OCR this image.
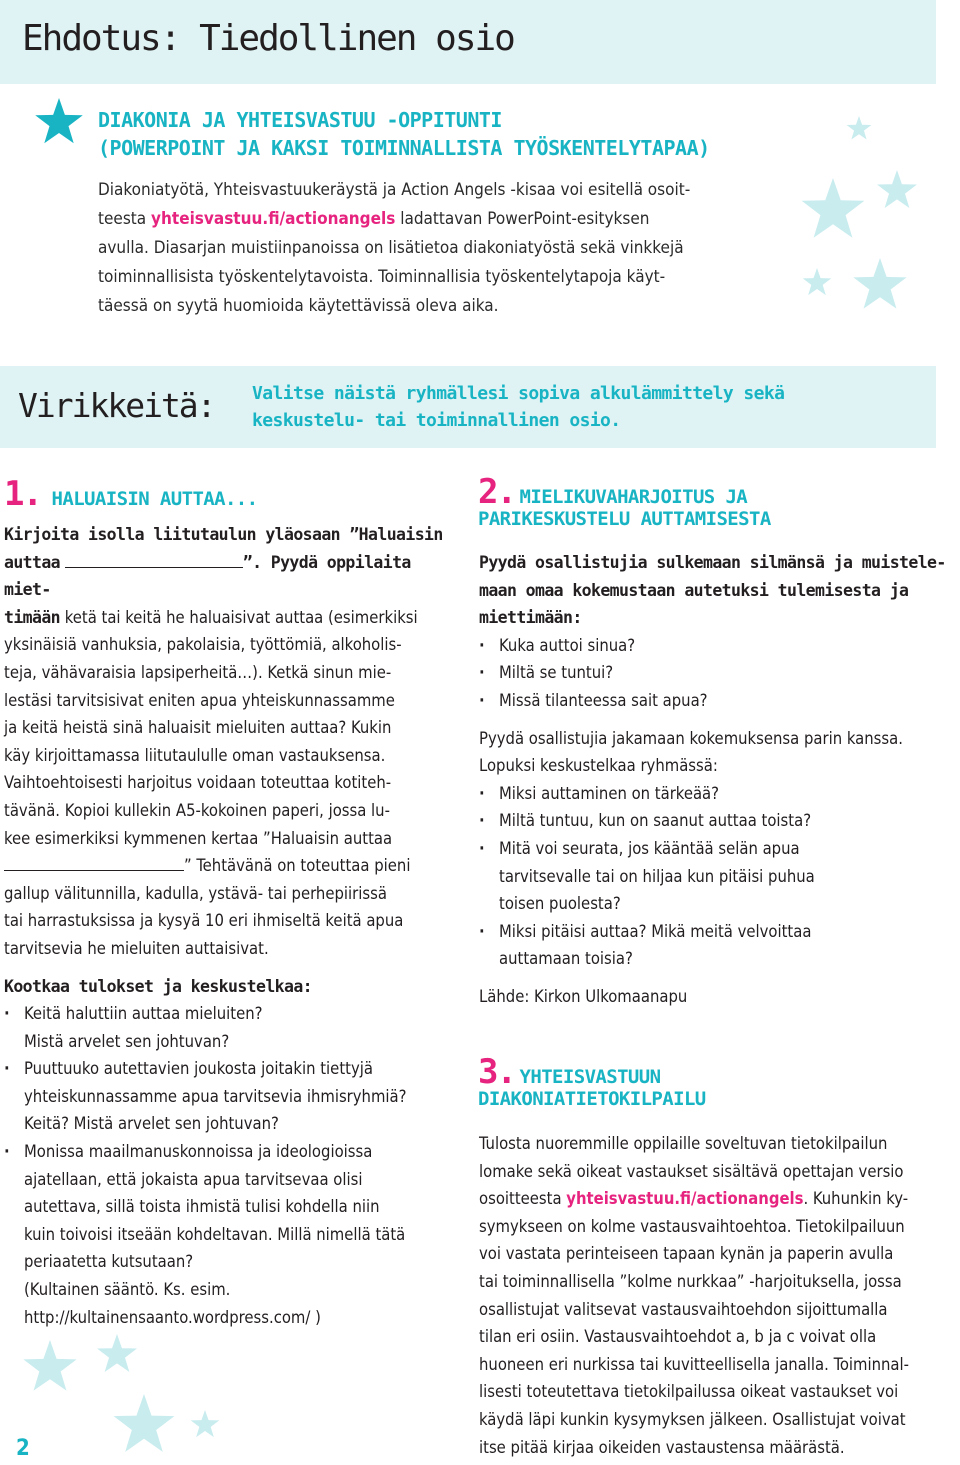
Ehdotus: Tiedollinen osio
DIAKONIA JA YHTEISVASTUU -OPPITUNTI
(POWERPOINT JA KAKSI TOIMINNALLISTA TYÖSKENTELYTAPAA)
Diakoniatyötä, Yhteisvastuukeräystä ja Action Angels -kisaa voi esitellä osoit-
teesta yhteisvastuu.fi/actionangels ladattavan PowerPoint-esityksen
avulla. Diasarjan muistiinpanoissa on lisätietoa diakoniatyöstä sekä vinkkejä
toiminnallisista työskentelytavoista. Toiminnallisia työskentelytapoja käyt-
täessä on syytä huomioida käytettävissä oleva aika.
Virikkeitä: Valitse näistä ryhmällesi sopiva alkulämmittely sekä
keskustelu- tai toiminnallinen osio.
1. HALUAISIN AUTTAA...
Kirjoita isolla liitutaulun yläosaan ”Haluaisin
auttaa	”. Pyydä oppilaita miet-
timään ketä tai keitä he haluaisivat auttaa (esimerkiksi
yksinäisiä vanhuksia, pakolaisia, työttömiä, alkoholis-
teja, vähävaraisia lapsiperheitä…). Ketkä sinun mie-
lestäsi tarvitsisivat eniten apua yhteiskunnassamme
ja keitä heistä sinä haluaisit mieluiten auttaa? Kukin
käy kirjoittamassa liitutaululle oman vastauksensa.
Vaihtoehtoisesti harjoitus voidaan toteuttaa kotiteh-
tävänä. Kopioi kullekin A5-kokoinen paperi, jossa lu-
kee esimerkiksi kymmenen kertaa ”Haluaisin auttaa
” Tehtävänä on toteuttaa pieni
gallup välitunnilla, kadulla, ystävä- tai perhepiirissä
tai harrastuksissa ja kysyä 10 eri ihmiseltä keitä apua
tarvitsevia he mieluiten auttaisivat.
Kootkaa tulokset ja keskustelkaa:
· Keitä haluttiin auttaa mieluiten?
Mistä arvelet sen johtuvan?
· Puuttuuko autettavien joukosta joitakin tiettyjä
yhteiskunnassamme apua tarvitsevia ihmisryhmiä?
Keitä? Mistä arvelet sen johtuvan?
· Monissa maailmanuskonnoissa ja ideologioissa
ajatellaan, että jokaista apua tarvitsevaa olisi
autettava, sillä toista ihmistä tulisi kohdella niin
kuin toivoisi itseään kohdeltavan. Millä nimellä tätä
periaatetta kutsutaan?
(Kultainen sääntö. Ks. esim.
http://kultainensaanto.wordpress.com/ )
2. MIELIKUVAHARJOITUS JA
PARIKESKUSTELU AUTTAMISESTA
Pyydä osallistujia sulkemaan silmänsä ja muistele-
maan omaa kokemustaan autetuksi tulemisesta ja
miettimään:
· Kuka auttoi sinua?
· Miltä se tuntui?
· Missä tilanteessa sait apua?
Pyydä osallistujia jakamaan kokemuksensa parin kanssa.
Lopuksi keskustelkaa ryhmässä:
· Miksi auttaminen on tärkeää?
· Miltä tuntuu, kun on saanut auttaa toista?
· Mitä voi seurata, jos kääntää selän apua
tarvitsevalle tai on hiljaa kun pitäisi puhua
toisen puolesta?
· Miksi pitäisi auttaa? Mikä meitä velvoittaa
auttamaan toisia?
Lähde: Kirkon Ulkomaanapu
3. YHTEISVASTUUN
DIAKONIATIETOKILPAILU
Tulosta nuoremmille oppilaille soveltuvan tietokilpailun
lomake sekä oikeat vastaukset sisältävä opettajan versio
osoitteesta yhteisvastuu.fi/actionangels. Kuhunkin ky-
symykseen on kolme vastausvaihtoehtoa. Tietokilpailuun
voi vastata perinteiseen tapaan kynän ja paperin avulla
tai toiminnallisella ”kolme nurkkaa” -harjoituksella, jossa
osallistujat valitsevat vastausvaihtoehdon sijoittumalla
tilan eri osiin. Vastausvaihtoehdot a, b ja c voivat olla
huoneen eri nurkissa tai kuvitteellisella janalla. Toiminnal-
lisesti toteutettava tietokilpailussa oikeat vastaukset voi
käydä läpi kunkin kysymyksen jälkeen. Osallistujat voivat
itse pitää kirjaa oikeiden vastaustensa määrästä.
2
